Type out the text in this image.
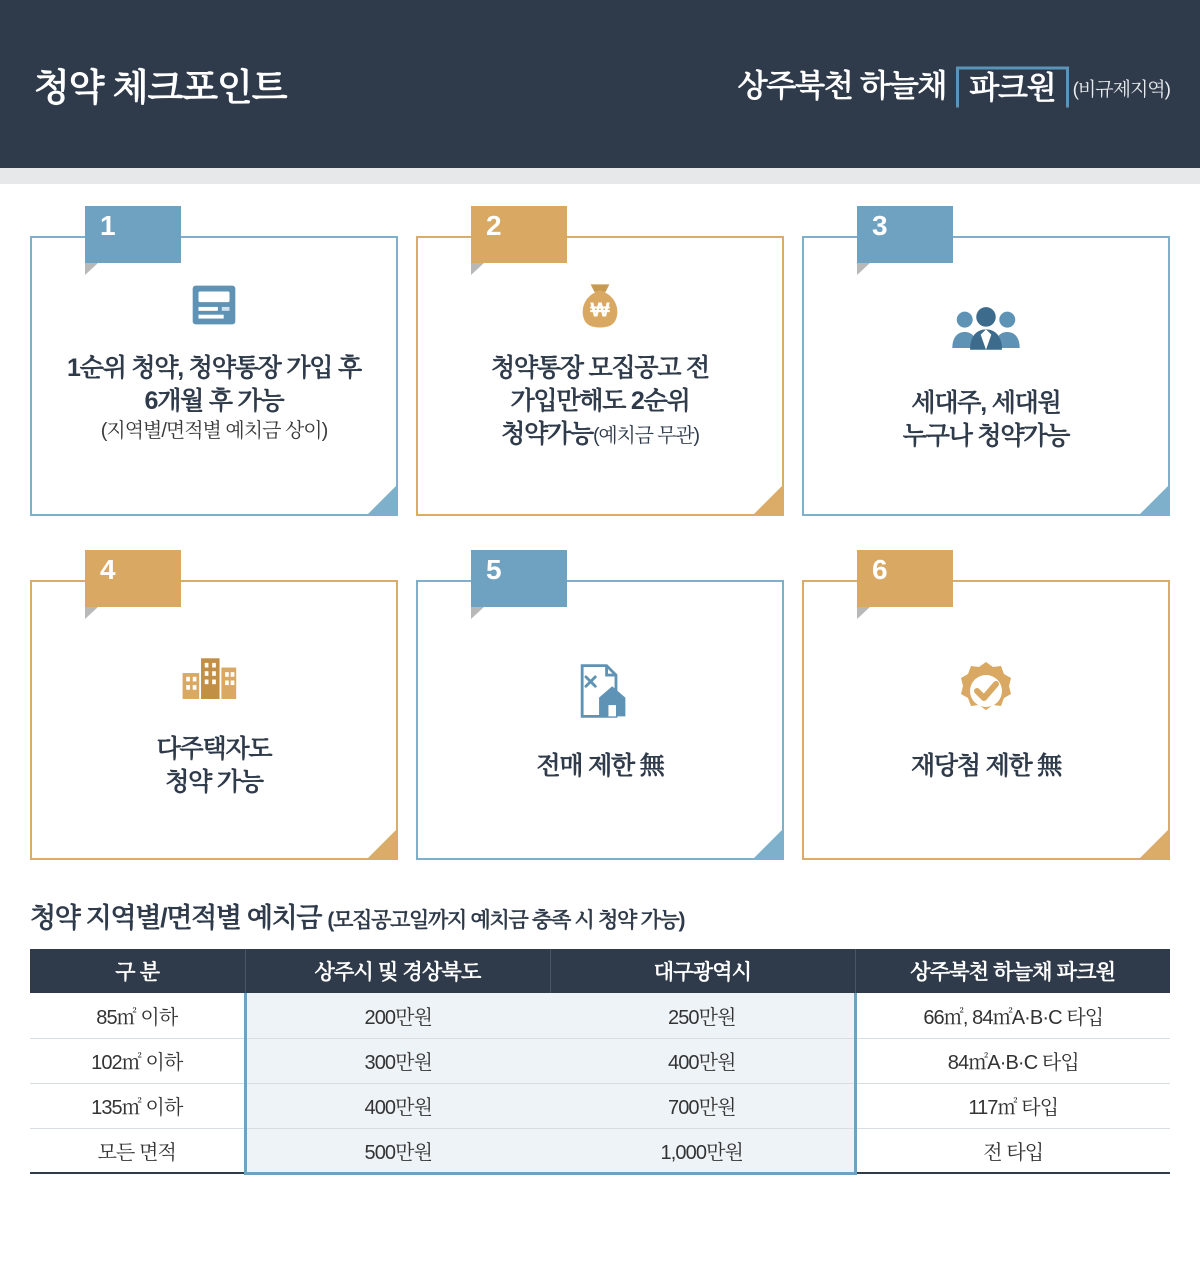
청약 체크포인트	상주북천 하늘채 파크원 (비규제지역)
1
1순위 청약, 청약통장 가입 후
6개월 후 가능
(지역별/면적별 예치금 상이)
2
₩
청약통장 모집공고 전
가입만해도 2순위
청약가능(예치금 무관)
3
세대주, 세대원
누구나 청약가능
4
다주택자도
청약 가능
5
전매 제한 無
6
재당첨 제한 無
청약 지역별/면적별 예치금 (모집공고일까지 예치금 충족 시 청약 가능)
구 분	상주시 및 경상북도	대구광역시	상주북천 하늘채 파크원
85㎡ 이하	200만원	250만원	66㎡, 84㎡A·B·C 타입
102㎡ 이하	300만원	400만원	84㎡A·B·C 타입
135㎡ 이하	400만원	700만원	117㎡ 타입
모든 면적	500만원	1,000만원	전 타입
